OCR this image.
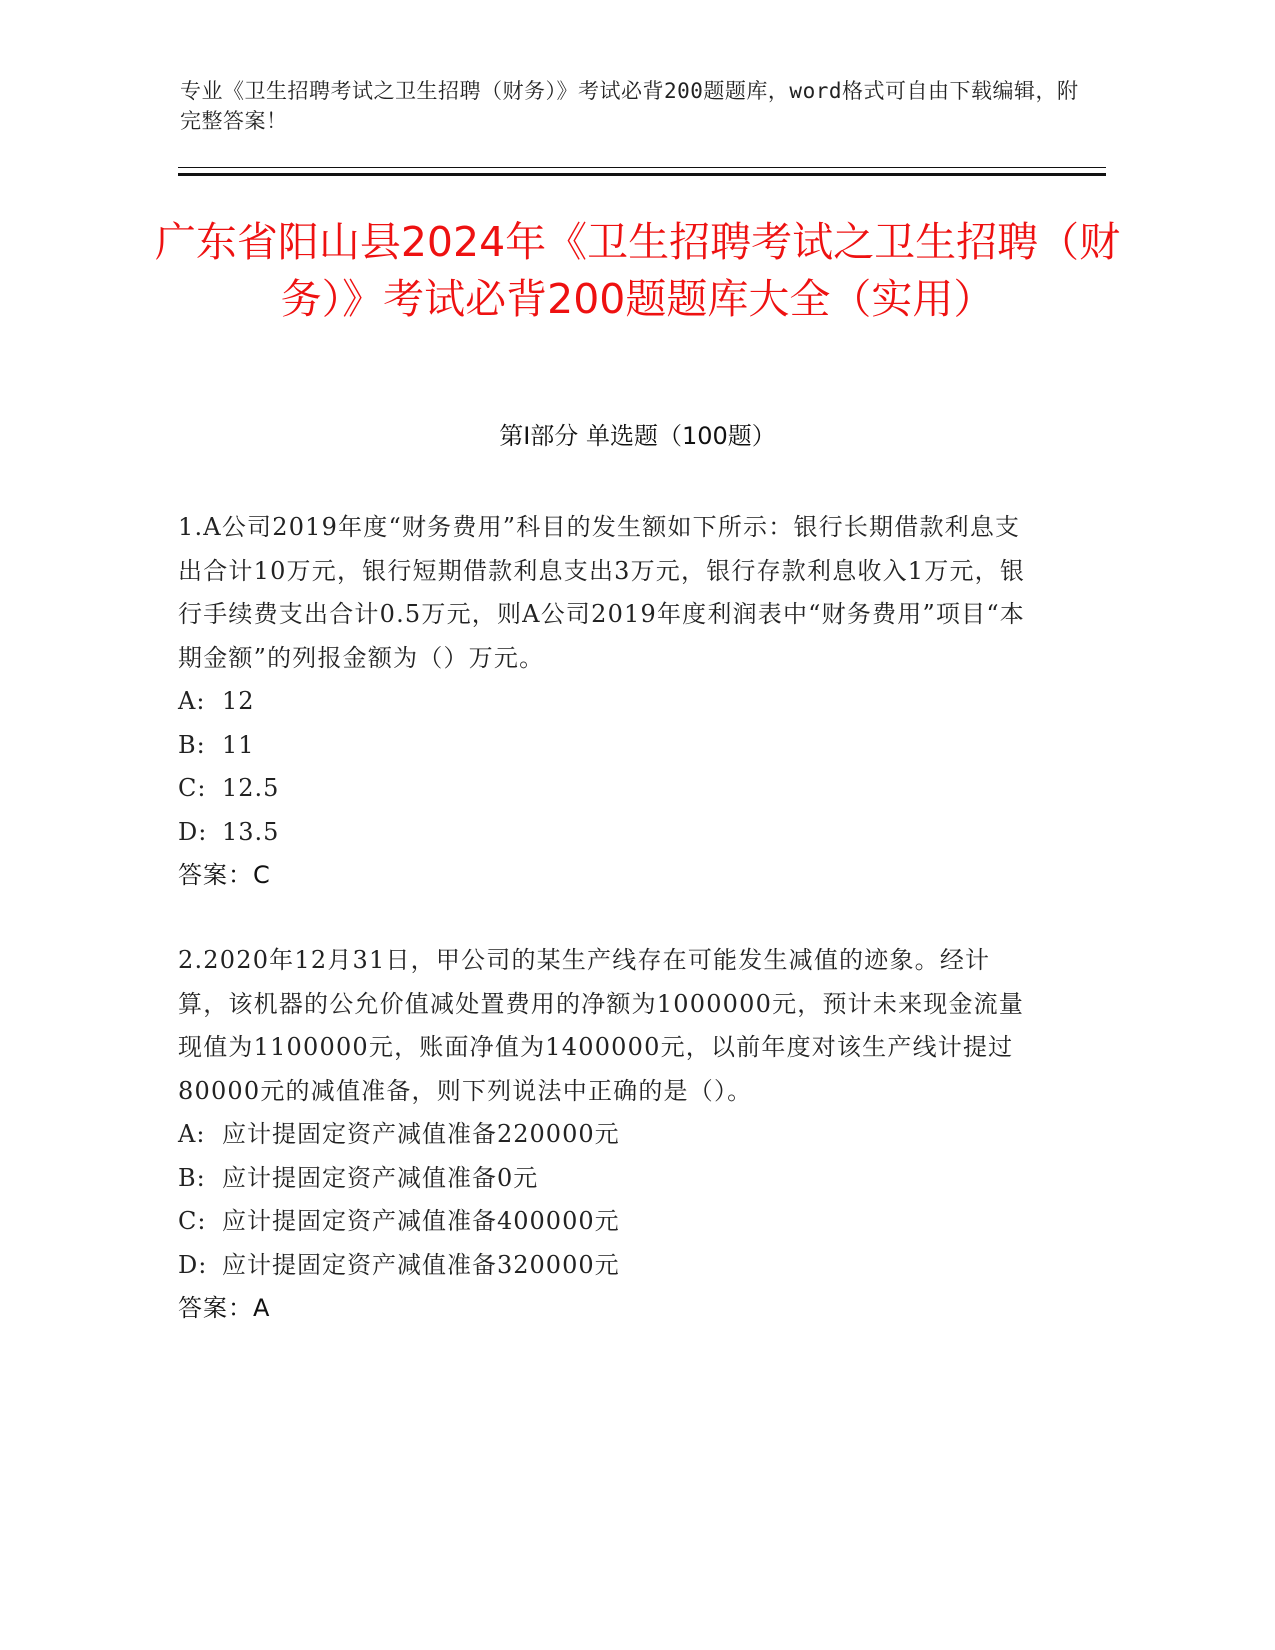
专业《卫生招聘考试之卫生招聘（财务）》考试必背200题题库，word格式可自由下载编辑，附完整答案！
广东省阳山县2024年《卫生招聘考试之卫生招聘（财务）》考试必背200题题库大全（实用）
第I部分 单选题（100题）

1.A公司2019年度“财务费用”科目的发生额如下所示：银行长期借款利息支出合计10万元，银行短期借款利息支出3万元，银行存款利息收入1万元，银行手续费支出合计0.5万元，则A公司2019年度利润表中“财务费用”项目“本期金额”的列报金额为（）万元。

A: 12
B: 11
C: 12.5
D: 13.5
答案：C

2.2020年12月31日，甲公司的某生产线存在可能发生减值的迹象。经计算，该机器的公允价值减处置费用的净额为1000000元，预计未来现金流量现值为1100000元，账面净值为1400000元，以前年度对该生产线计提过80000元的减值准备，则下列说法中正确的是（）。

A: 应计提固定资产减值准备220000元
B: 应计提固定资产减值准备0元
C: 应计提固定资产减值准备400000元
D: 应计提固定资产减值准备320000元
答案：A
